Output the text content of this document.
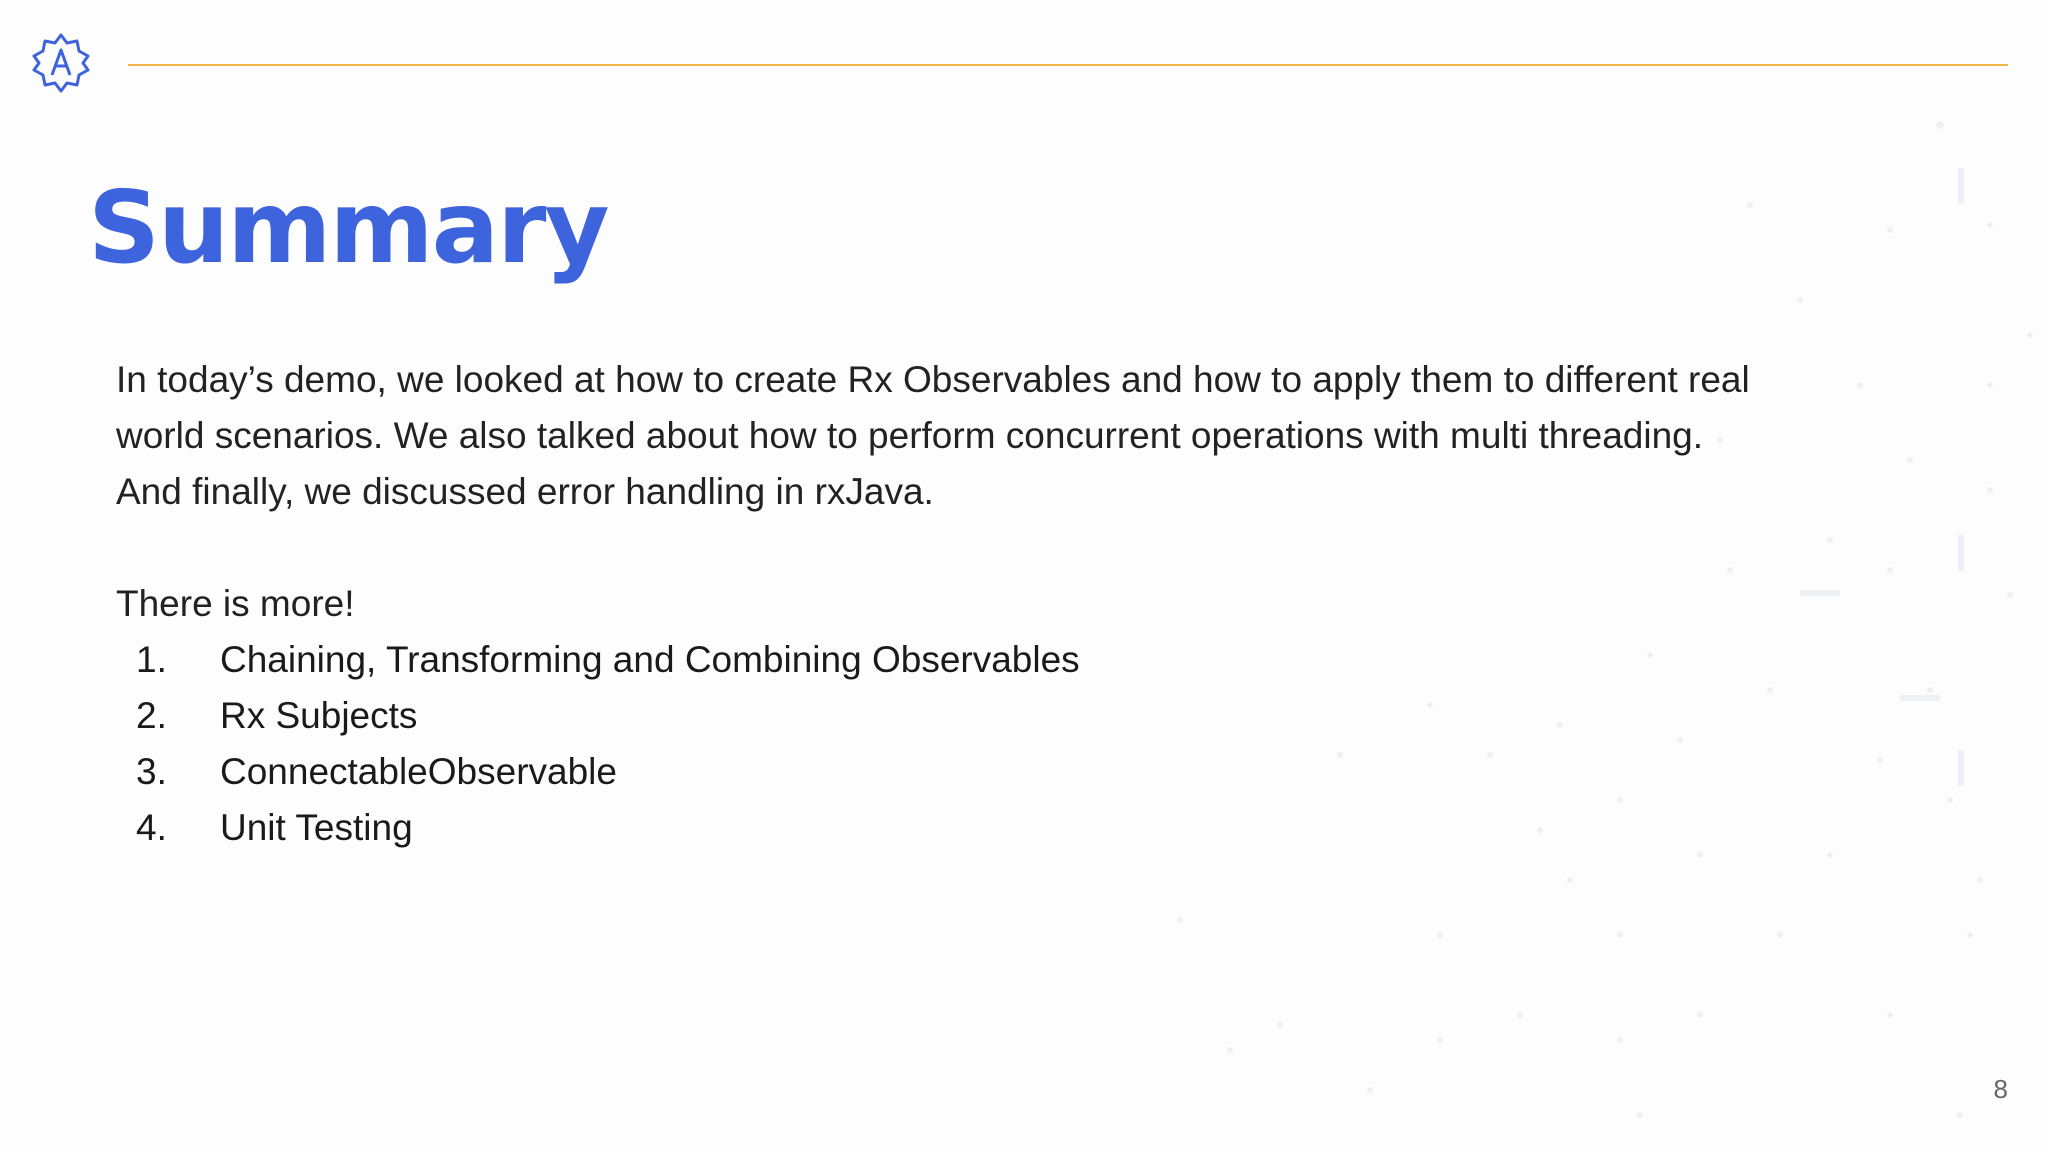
Summary

In today’s demo, we looked at how to create Rx Observables and how to apply them to different real world scenarios. We also talked about how to perform concurrent operations with multi threading. And finally, we discussed error handling in rxJava.

There is more!

1.	Chaining, Transforming and Combining Observables
2.	Rx Subjects
3.	ConnectableObservable
4.	Unit Testing
8
